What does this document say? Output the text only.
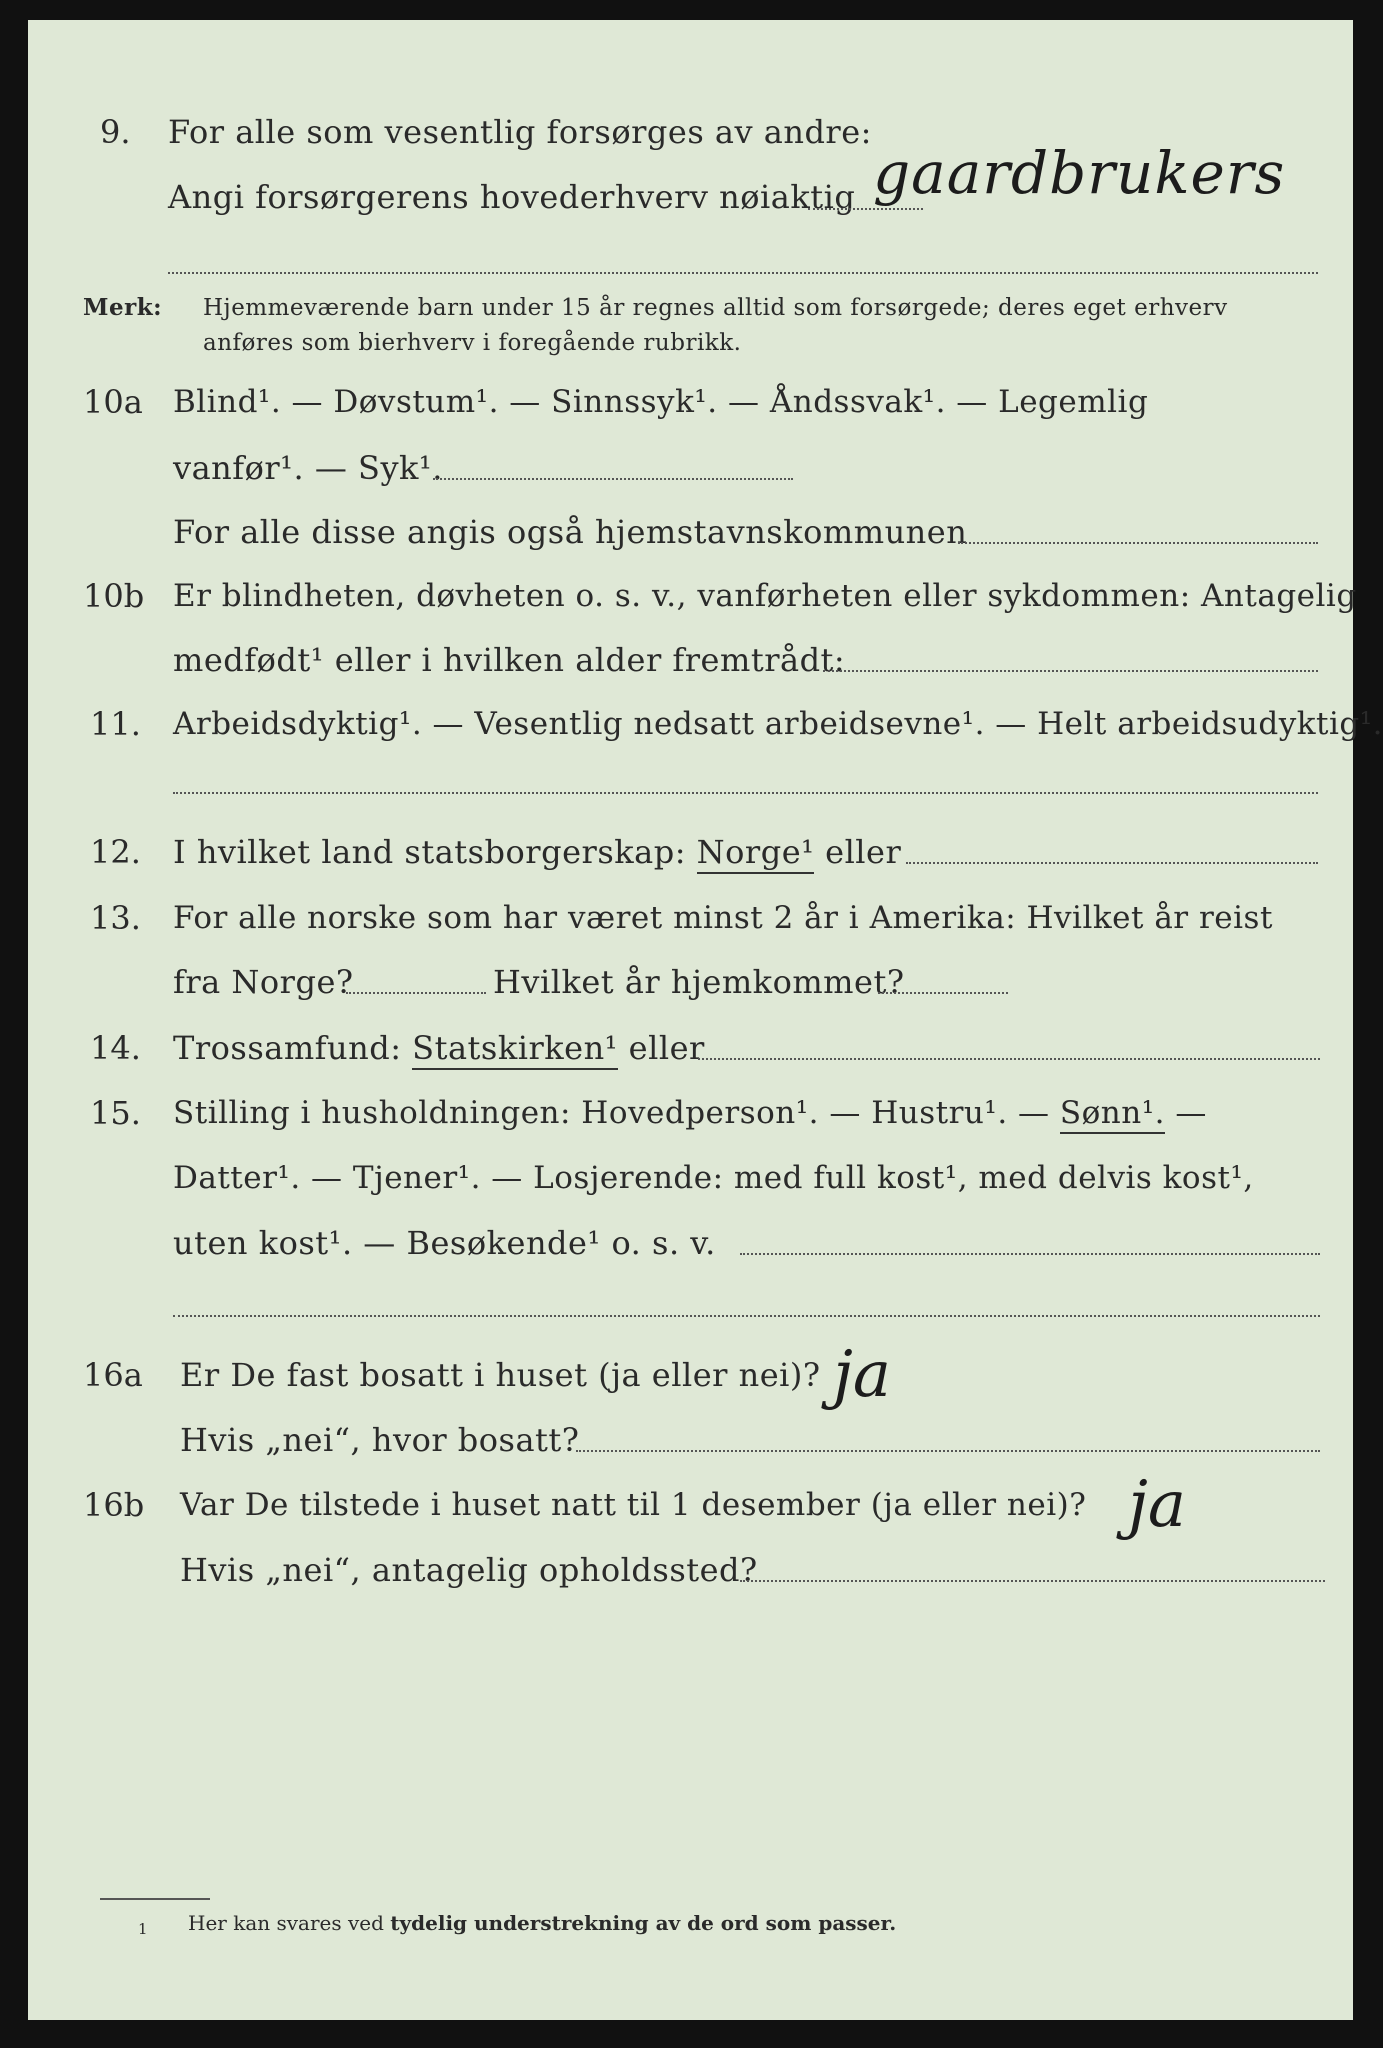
9. For alle som vesentlig forsørges av andre:
Angi forsørgerens hovederhverv nøiaktig gaardbrukers
Merk: Hjemmeværende barn under 15 år regnes alltid som forsørgede; deres eget erhverv
anføres som bierhverv i foregående rubrikk.
10a Blind¹. — Døvstum¹. — Sinnssyk¹. — Åndssvak¹. — Legemlig
vanfør¹. — Syk¹.
For alle disse angis også hjemstavnskommunen
10b Er blindheten, døvheten o. s. v., vanførheten eller sykdommen: Antagelig
medfødt¹ eller i hvilken alder fremtrådt:
11. Arbeidsdyktig¹. — Vesentlig nedsatt arbeidsevne¹. — Helt arbeidsudyktig¹.
12. I hvilket land statsborgerskap: Norge¹ eller
13. For alle norske som har været minst 2 år i Amerika: Hvilket år reist
fra Norge?	Hvilket år hjemkommet?
14. Trossamfund: Statskirken¹ eller
15. Stilling i husholdningen: Hovedperson¹. — Hustru¹. — Sønn¹. —
Datter¹. — Tjener¹. — Losjerende: med full kost¹, med delvis kost¹,
uten kost¹. — Besøkende¹ o. s. v.
16a Er De fast bosatt i huset (ja eller nei)? ja
Hvis „nei“, hvor bosatt?
16b Var De tilstede i huset natt til 1 desember (ja eller nei)? ja
Hvis „nei“, antagelig opholdssted?
1 Her kan svares ved tydelig understrekning av de ord som passer.
